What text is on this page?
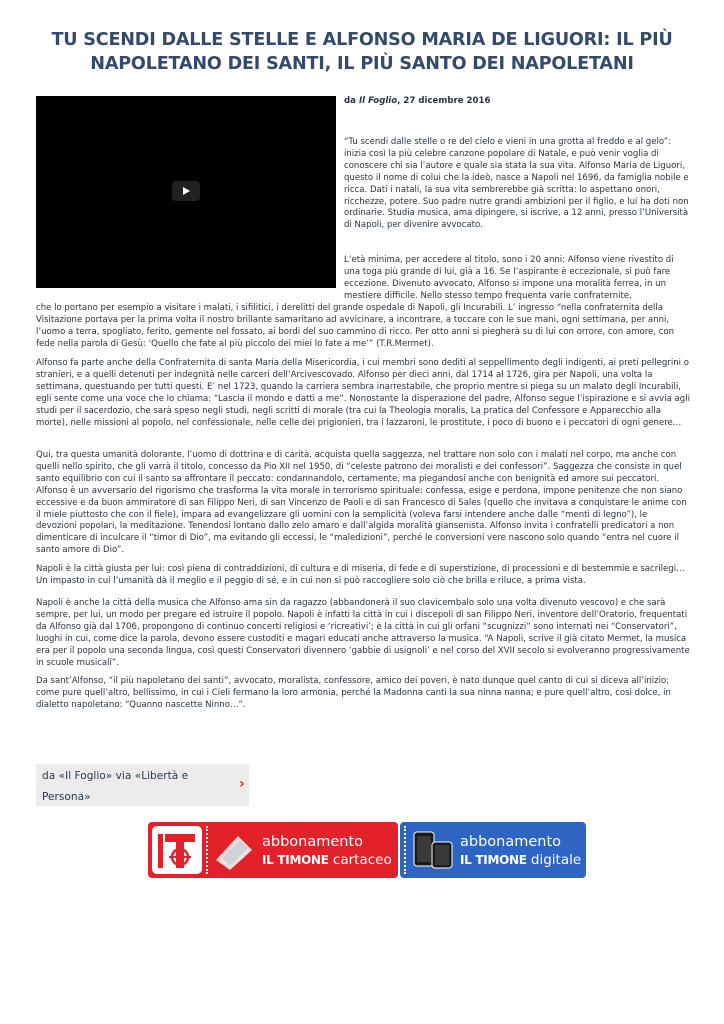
TU SCENDI DALLE STELLE E ALFONSO MARIA DE LIGUORI: IL PIÙ
NAPOLETANO DEI SANTI, IL PIÙ SANTO DEI NAPOLETANI
da Il Foglio, 27 dicembre 2016

“Tu scendi dalle stelle o re del cielo e vieni in una grotta al freddo e al gelo”: inizia così la più celebre canzone popolare di Natale, e può venir voglia di conoscere chi sia l’autore e quale sia stata la sua vita. Alfonso Maria de Liguori, questo il nome di colui che la ideò, nasce a Napoli nel 1696, da famiglia nobile e ricca. Dati i natali, la sua vita sembrerebbe già scritta: lo aspettano onori, ricchezze, potere. Suo padre nutre grandi ambizioni per il figlio, e lui ha doti non ordinarie. Studia musica, ama dipingere, si iscrive, a 12 anni, presso l’Università di Napoli, per divenire avvocato.

L’età minima, per accedere al titolo, sono i 20 anni: Alfonso viene rivestito di una toga più grande di lui, già a 16. Se l’aspirante è eccezionale, si può fare eccezione. Divenuto avvocato, Alfonso si impone una moralità ferrea, in un mestiere difficile. Nello stesso tempo frequenta varie confraternite,

che lo portano per esempio a visitare i malati, i sifilitici, i derelitti del grande ospedale di Napoli, gli Incurabili. L’ ingresso “nella confraternita della Visitazione portava per la prima volta il nostro brillante samaritano ad avvicinare, a incontrare, a toccare con le sue mani, ogni settimana, per anni, l’uomo a terra, spogliato, ferito, gemente nel fossato, ai bordi del suo cammino di ricco. Per otto anni si piegherà su di lui con orrore, con amore, con fede nella parola di Gesù: ‘Quello che fate al più piccolo dei miei lo fate a me’” (T.R.Mermet).

Alfonso fa parte anche della Confraternita di santa Maria della Misericordia, i cui membri sono dediti al seppellimento degli indigenti, ai preti pellegrini o stranieri, e a quelli detenuti per indegnità nelle carceri dell’Arcivescovado. Alfonso per dieci anni, dal 1714 al 1726, gira per Napoli, una volta la settimana, questuando per tutti questi. E’ nel 1723, quando la carriera sembra inarrestabile, che proprio mentre si piega su un malato degli Incurabili, egli sente come una voce che lo chiama: “Lascia il mondo e datti a me”. Nonostante la disperazione del padre, Alfonso segue l’ispirazione e si avvia agli studi per il sacerdozio, che sarà speso negli studi, negli scritti di morale (tra cui la Theologia moralis, La pratica del Confessore e Apparecchio alla morte), nelle missioni al popolo, nel confessionale, nelle celle dei prigionieri, tra i lazzaroni, le prostitute, i poco di buono e i peccatori di ogni genere…

Qui, tra questa umanità dolorante, l’uomo di dottrina e di carità, acquista quella saggezza, nel trattare non solo con i malati nel corpo, ma anche con quelli nello spirito, che gli varrà il titolo, concesso da Pio XII nel 1950, di “celeste patrono dei moralisti e dei confessori”. Saggezza che consiste in quel santo equilibrio con cui il santo sa affrontare il peccato: condannandolo, certamente, ma piegandosi anche con benignità ed amore sui peccatori. Alfonso è un avversario del rigorismo che trasforma la vita morale in terrorismo spirituale: confessa, esige e perdona, impone penitenze che non siano eccessive e da buon ammiratore di san Filippo Neri, di san Vincenzo de Paoli e di san Francesco di Sales (quello che invitava a conquistare le anime con il miele piuttosto che con il fiele), impara ad evangelizzare gli uomini con la semplicità (voleva farsi intendere anche dalle “menti di legno”), le devozioni popolari, la meditazione. Tenendosi lontano dallo zelo amaro e dall’algida moralità giansenista. Alfonso invita i confratelli predicatori a non dimenticare di inculcare il “timor di Dio”, ma evitando gli eccessi, le “maledizioni”, perché le conversioni vere nascono solo quando “entra nel cuore il santo amore di Dio”.

Napoli è la città giusta per lui: così piena di contraddizioni, di cultura e di miseria, di fede e di superstizione, di processioni e di bestemmie e sacrilegi… Un impasto in cui l’umanità dà il meglio e il peggio di sé, e in cui non si può raccogliere solo ciò che brilla e riluce, a prima vista.

Napoli è anche la città della musica che Alfonso ama sin da ragazzo (abbandonerà il suo clavicembalo solo una volta divenuto vescovo) e che sarà sempre, per lui, un modo per pregare ed istruire il popolo. Napoli è infatti la città in cui i discepoli di san Filippo Neri, inventore dell’Oratorio, frequentati da Alfonso già dal 1706, propongono di continuo concerti religiosi e ‘ricreativi’; è la città in cui gli orfani “scugnizzi” sono internati nei “Conservatori”, luoghi in cui, come dice la parola, devono essere custoditi e magari educati anche attraverso la musica. “A Napoli, scrive il già citato Mermet, la musica era per il popolo una seconda lingua, così questi Conservatori divennero ‘gabbie di usignoli’ e nel corso del XVII secolo si evolveranno progressivamente in scuole musicali”.

Da sant’Alfonso, “il più napoletano dei santi”, avvocato, moralista, confessore, amico dei poveri, è nato dunque quel canto di cui si diceva all’inizio; come pure quell’altro, bellissimo, in cui i Cieli fermano la loro armonia, perché la Madonna canti la sua ninna nanna; e pure quell’altro, così dolce, in dialetto napoletano: “Quanno nascette Ninno…”.

da «Il Foglio» via «Libertà e Persona»
›
abbonamento
IL TIMONE cartaceo
abbonamento
IL TIMONE digitale
